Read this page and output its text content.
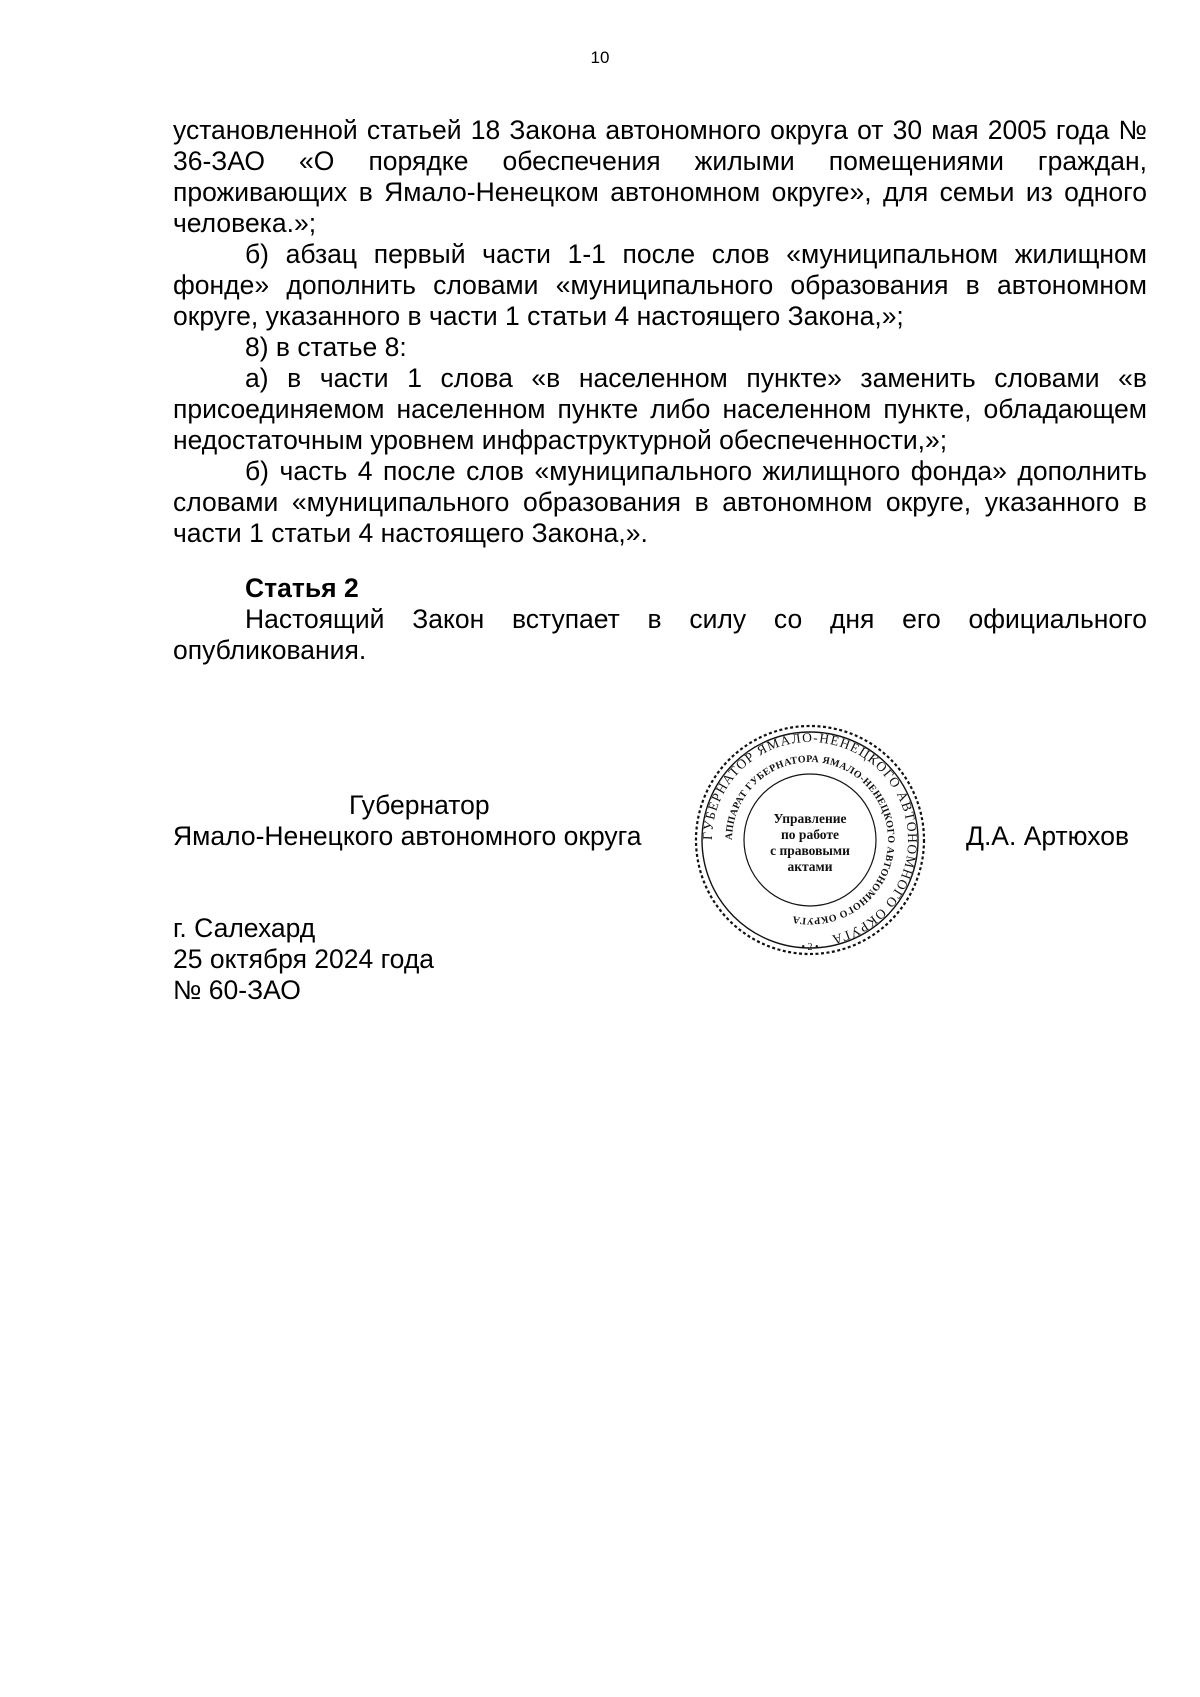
10

установленной статьей 18 Закона автономного округа от 30 мая 2005 года № 36-ЗАО «О порядке обеспечения жилыми помещениями граждан, проживающих в Ямало-Ненецком автономном округе», для семьи из одного человека.»;

б) абзац первый части 1-1 после слов «муниципальном жилищном фонде» дополнить словами «муниципального образования в автономном округе, указанного в части 1 статьи 4 настоящего Закона,»;

8) в статье 8:

а) в части 1 слова «в населенном пункте» заменить словами «в присоединяемом населенном пункте либо населенном пункте, обладающем недостаточным уровнем инфраструктурной обеспеченности,»;

б) часть 4 после слов «муниципального жилищного фонда» дополнить словами «муниципального образования в автономном округе, указанного в части 1 статьи 4 настоящего Закона,».

Статья 2

Настоящий Закон вступает в силу со дня его официального опубликования.

Губернатор
Ямало-Ненецкого автономного округа	ГУБЕРНАТОР ЯМАЛО-НЕНЕЦКОГО АВТОНОМНОГО ОКРУГА
АППАРАТ ГУБЕРНАТОРА ЯМАЛО-НЕНЕЦКОГО АВТОНОМНОГО ОКРУГА
Управление
по работе
с правовыми
актами
• 2 •
Д.А. Артюхов
г. Салехард
25 октября 2024 года
№ 60-ЗАО
